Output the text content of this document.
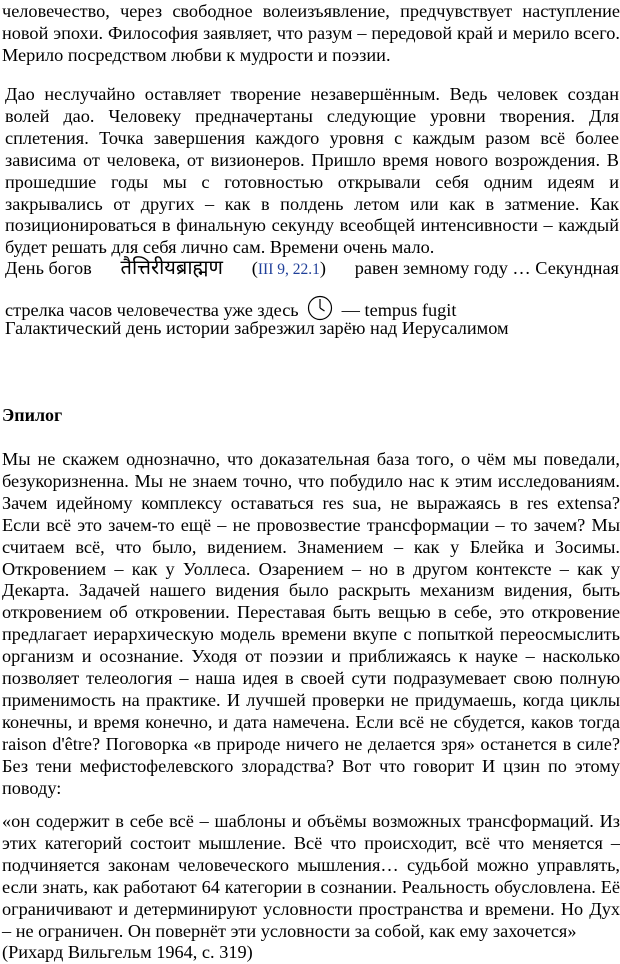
человечество, через свободное волеизъявление, предчувствует наступление новой эпохи. Философия заявляет, что разум – передовой край и мерило всего. Мерило посредством любви к мудрости и поэзии.

Дао неслучайно оставляет творение незавершённым. Ведь человек создан волей дао. Человеку предначертаны следующие уровни творения. Для сплетения. Точка завершения каждого уровня с каждым разом всё более зависима от человека, от визионеров. Пришло время нового возрождения. В прошедшие годы мы с готовностью открывали себя одним идеям и закрывались от других – как в полдень летом или как в затмение. Как позиционироваться в финальную секунду всеобщей интенсивности – каждый будет решать для себя лично сам. Времени очень мало.

День богов तैत्तिरीयब्राह्मण (III 9, 22.1) равен земному году … Секундная
стрелка часов человечества уже здесь — tempus fugit
Галактический день истории забрезжил зарёю над Иерусалимом
Эпилог

Мы не скажем однозначно, что доказательная база того, о чём мы поведали, безукоризненна. Мы не знаем точно, что побудило нас к этим исследованиям. Зачем идейному комплексу оставаться res sua, не выражаясь в res extensa? Если всё это зачем-то ещё – не провозвестие трансформации – то зачем? Мы считаем всё, что было, видением. Знамением – как у Блейка и Зосимы. Откровением – как у Уоллеса. Озарением – но в другом контексте – как у Декарта. Задачей нашего видения было раскрыть механизм видения, быть откровением об откровении. Переставая быть вещью в себе, это откровение предлагает иерархическую модель времени вкупе с попыткой переосмыслить организм и осознание. Уходя от поэзии и приближаясь к науке – насколько позволяет телеология – наша идея в своей сути подразумевает свою полную применимость на практике. И лучшей проверки не придумаешь, когда циклы конечны, и время конечно, и дата намечена. Если всё не сбудется, каков тогда raison d'être? Поговорка «в природе ничего не делается зря» останется в силе? Без тени мефистофелевского злорадства? Вот что говорит И цзин по этому поводу:

«он содержит в себе всё – шаблоны и объёмы возможных трансформаций. Из этих категорий состоит мышление. Всё что происходит, всё что меняется – подчиняется законам человеческого мышления… судьбой можно управлять, если знать, как работают 64 категории в сознании. Реальность обусловлена. Её ограничивают и детерминируют условности пространства и времени. Но Дух – не ограничен. Он повернёт эти условности за собой, как ему захочется»
(Рихард Вильгельм 1964, с. 319)
